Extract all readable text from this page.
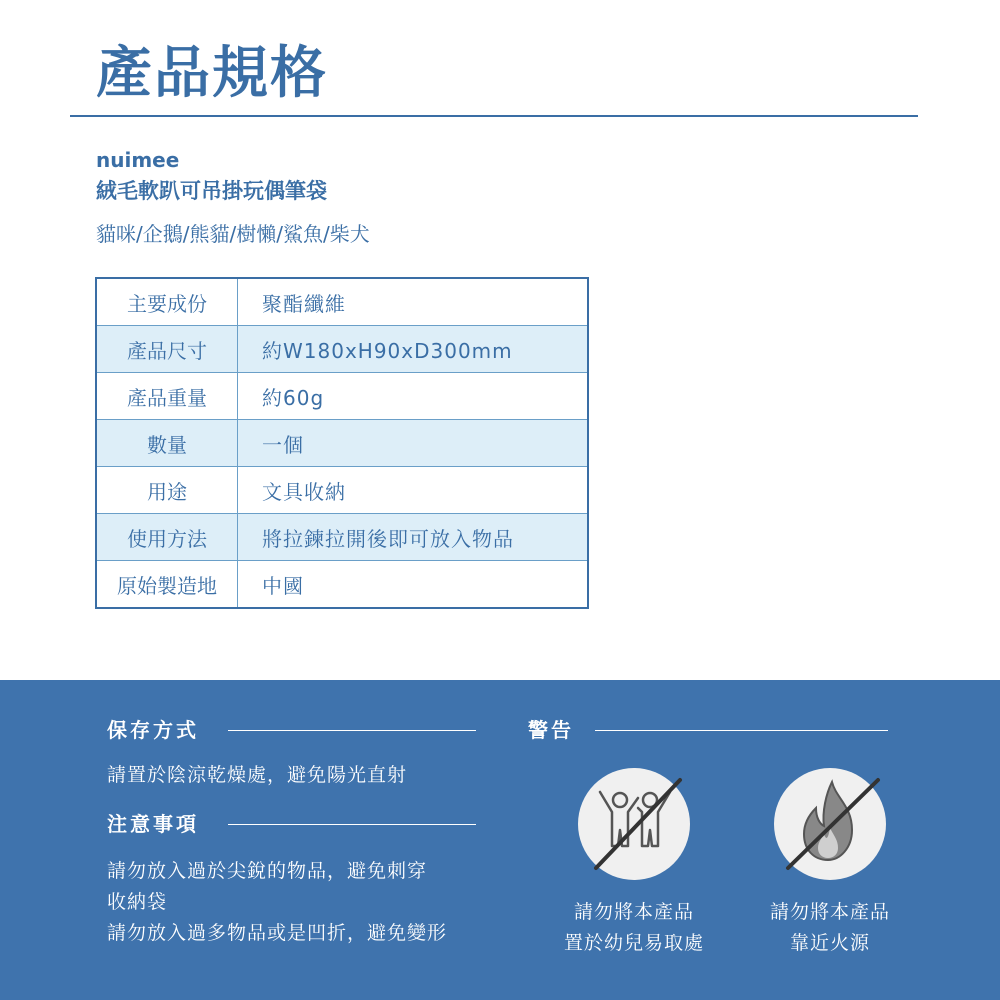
產品規格
nuimee
絨毛軟趴可吊掛玩偶筆袋
貓咪/企鵝/熊貓/樹懶/鯊魚/柴犬
主要成份	聚酯纖維
產品尺寸	約W180xH90xD300mm
產品重量	約60g
數量	一個
用途	文具收納
使用方法	將拉鍊拉開後即可放入物品
原始製造地	中國
保存方式
請置於陰涼乾燥處，避免陽光直射
注意事項
請勿放入過於尖銳的物品，避免刺穿
收納袋
請勿放入過多物品或是凹折，避免變形
警告
請勿將本產品
置於幼兒易取處
請勿將本產品
靠近火源
